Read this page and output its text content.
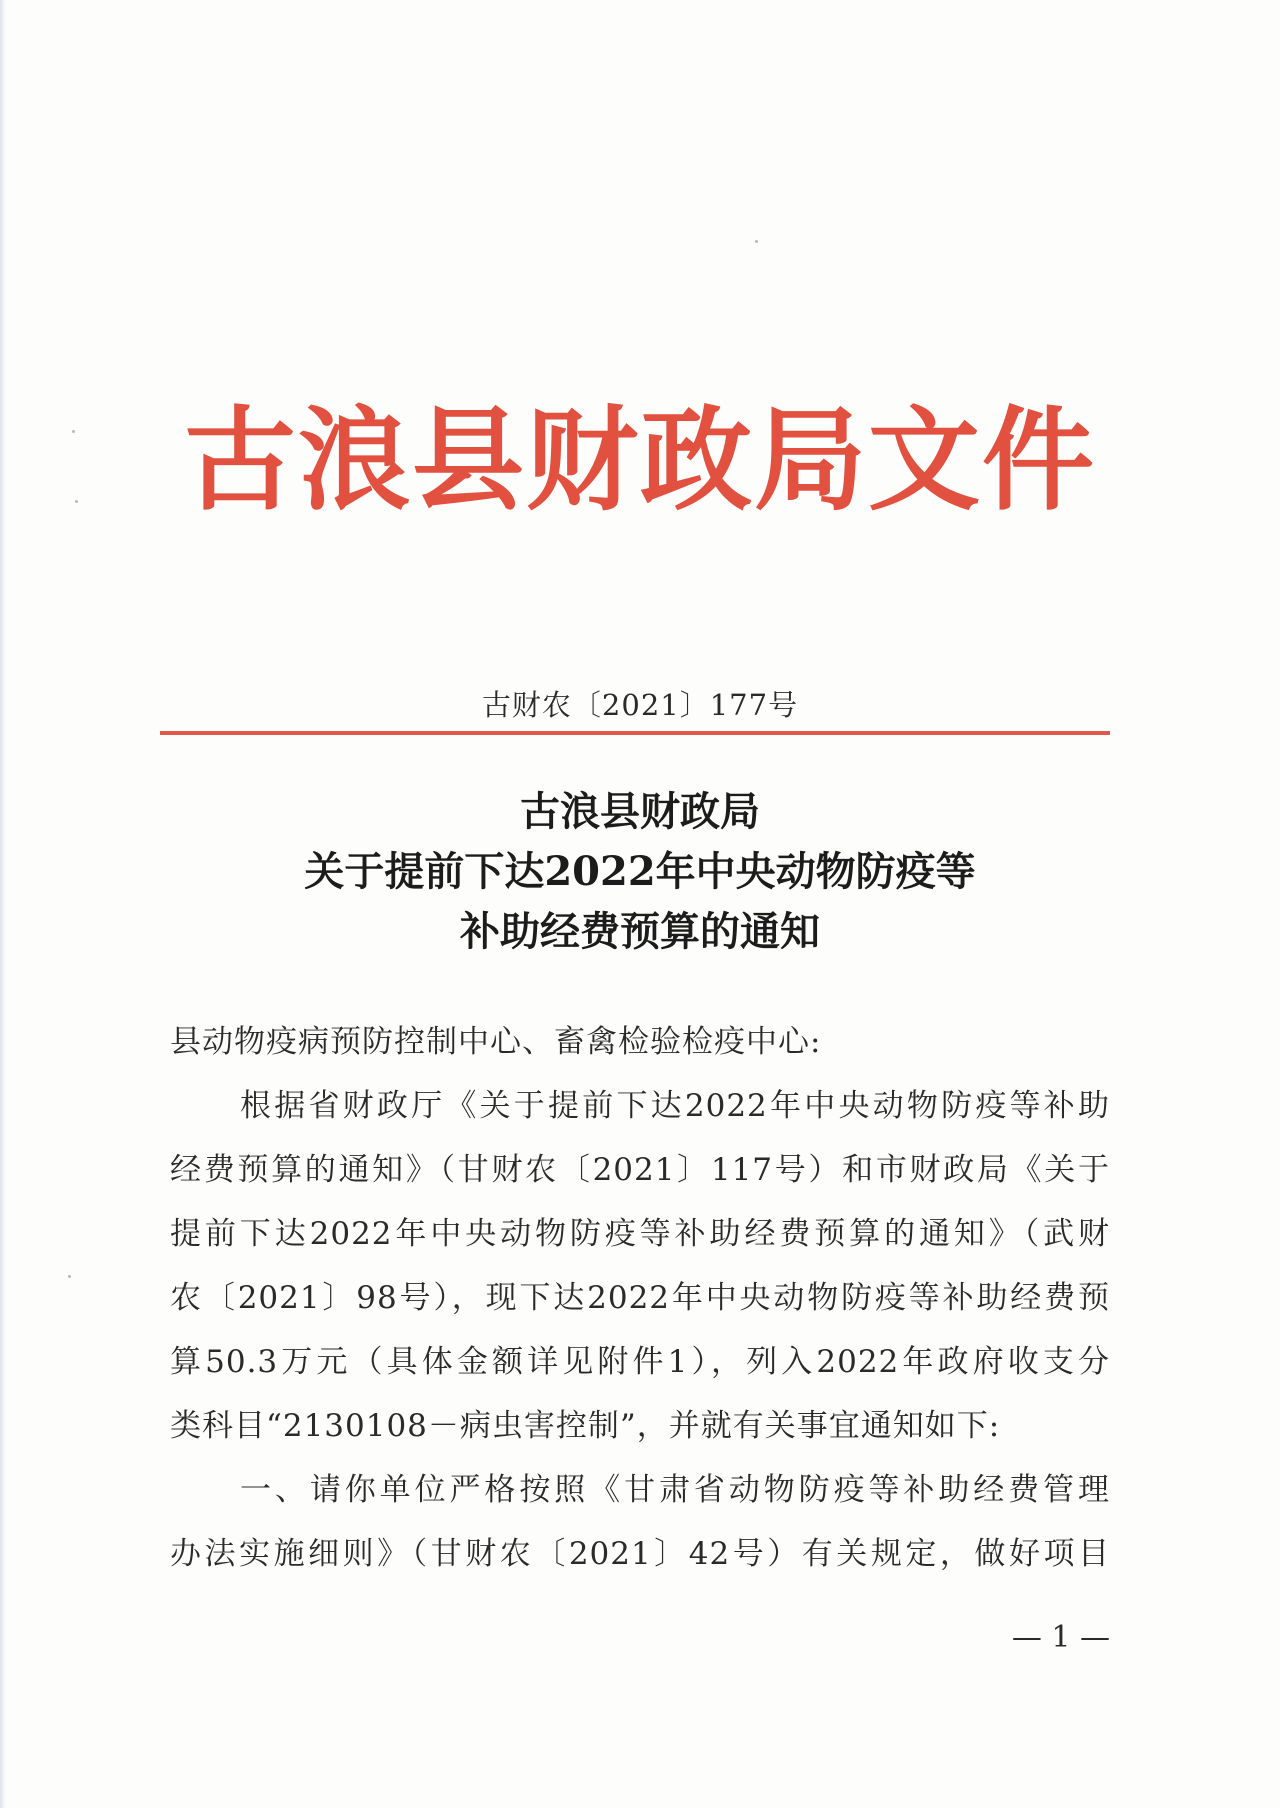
古浪县财政局文件
古财农〔2021〕177号
古浪县财政局
关于提前下达2022年中央动物防疫等
补助经费预算的通知
县动物疫病预防控制中心、畜禽检验检疫中心:
根据省财政厅《关于提前下达2022年中央动物防疫等补助
经费预算的通知》（甘财农〔2021〕117号）和市财政局《关于
提前下达2022年中央动物防疫等补助经费预算的通知》（武财
农〔2021〕98号），现下达2022年中央动物防疫等补助经费预
算50.3万元（具体金额详见附件1），列入2022年政府收支分
类科目“2130108－病虫害控制”，并就有关事宜通知如下:
一、请你单位严格按照《甘肃省动物防疫等补助经费管理
办法实施细则》（甘财农〔2021〕42号）有关规定，做好项目
— 1 —
